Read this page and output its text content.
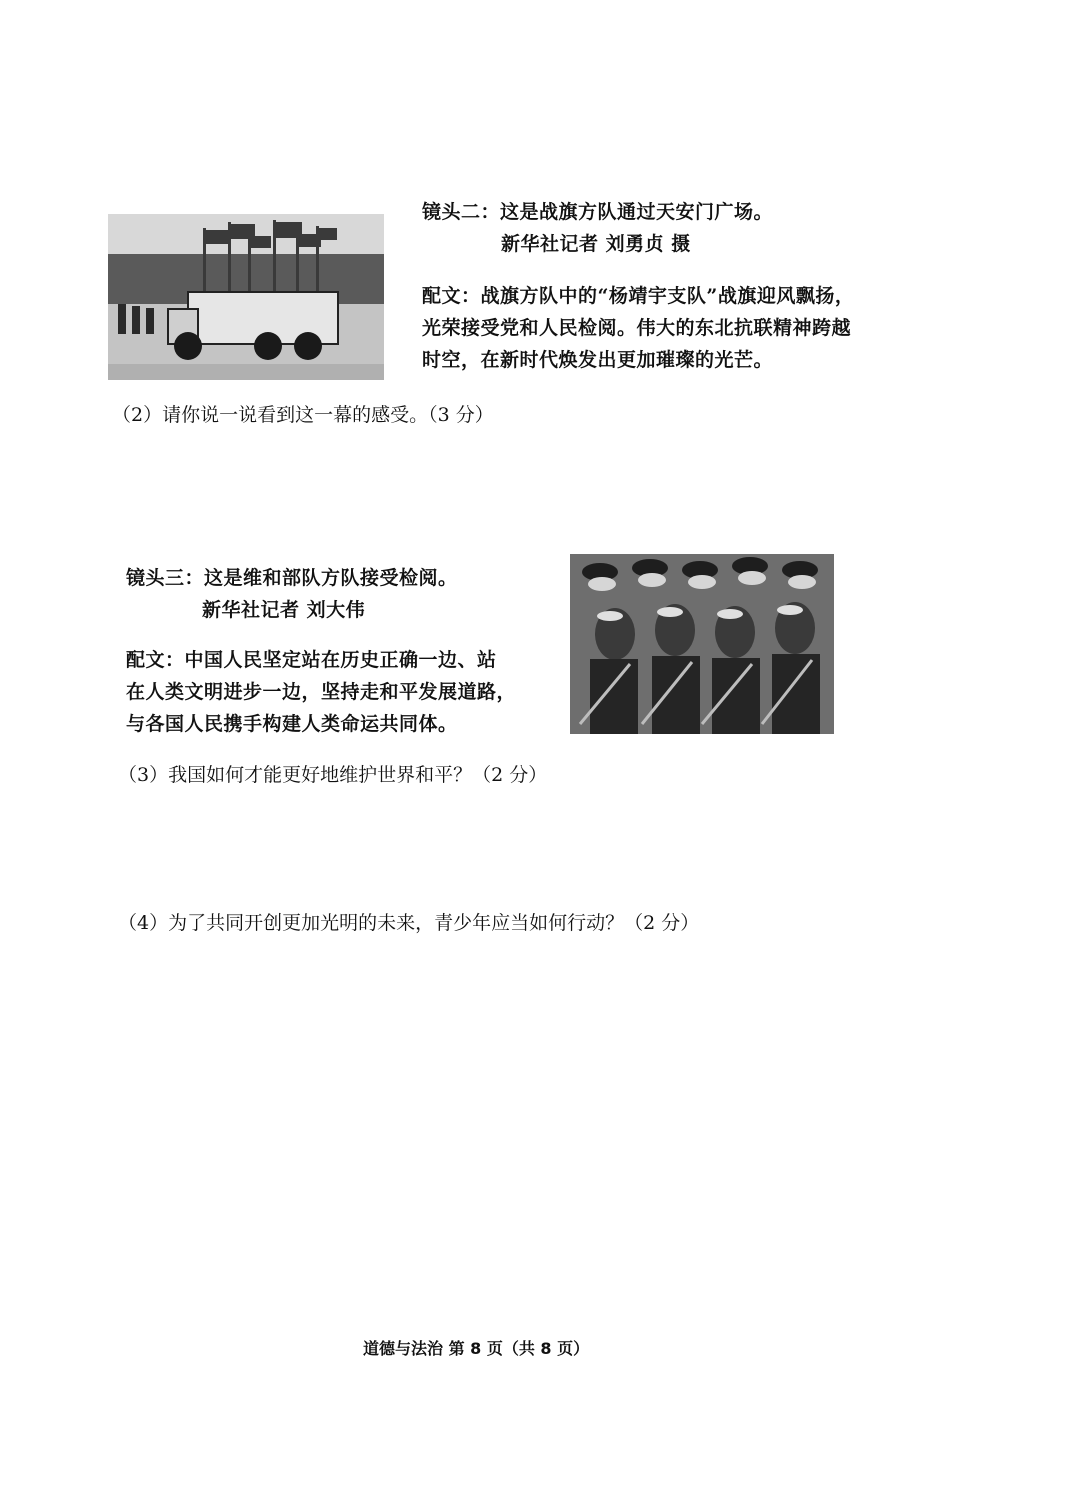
镜头二：这是战旗方队通过天安门广场。
新华社记者 刘勇贞 摄
配文：战旗方队中的“杨靖宇支队”战旗迎风飘扬，
光荣接受党和人民检阅。伟大的东北抗联精神跨越
时空，在新时代焕发出更加璀璨的光芒。
（2）请你说一说看到这一幕的感受。（3 分）
镜头三：这是维和部队方队接受检阅。
新华社记者 刘大伟
配文：中国人民坚定站在历史正确一边、站
在人类文明进步一边，坚持走和平发展道路，
与各国人民携手构建人类命运共同体。
（3）我国如何才能更好地维护世界和平？（2 分）
（4）为了共同开创更加光明的未来，青少年应当如何行动？（2 分）
道德与法治 第 8 页（共 8 页）
